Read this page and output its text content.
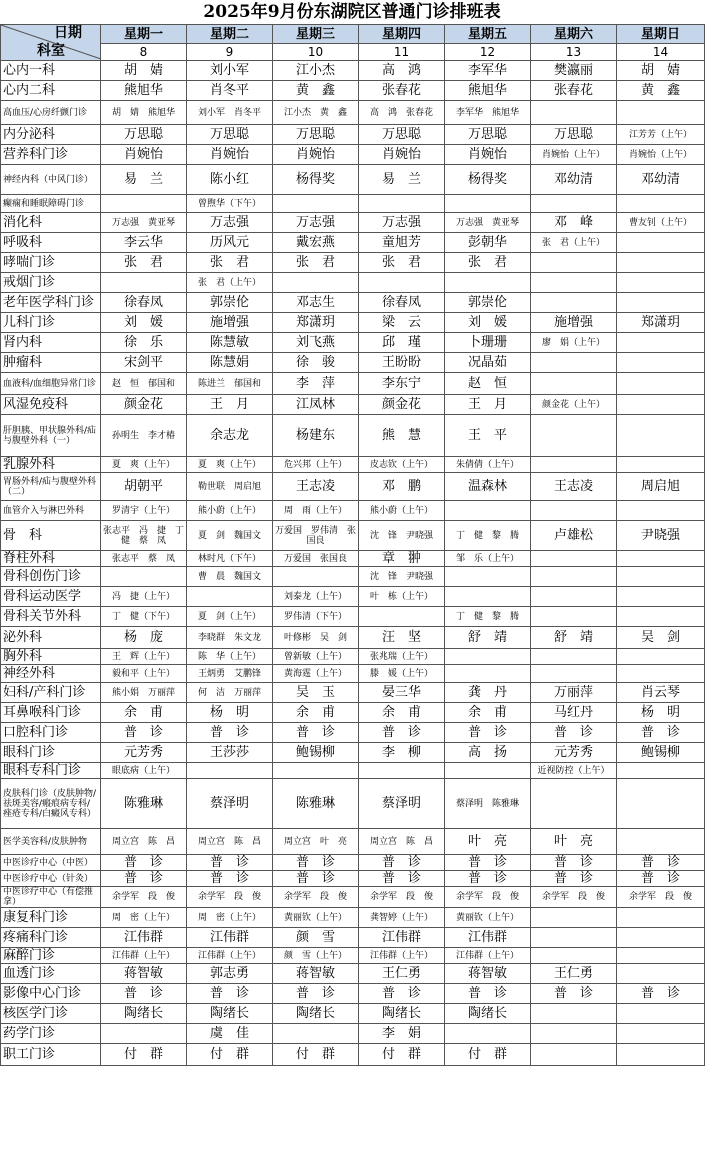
2025年9月份东湖院区普通门诊排班表
日期
科室	星期一	星期二	星期三	星期四	星期五	星期六	星期日
	8	9	10	11	12	13	14
心内一科	胡　婧	刘小军	江小杰	高　鸿	李军华	樊瀛丽	胡　婧
心内二科	熊旭华	肖冬平	黄　鑫	张春花	熊旭华	张春花	黄　鑫
高血压/心房纤颤门诊	胡　婧　熊旭华	刘小军　肖冬平	江小杰　黄　鑫	高　鸿　张春花	李军华　熊旭华		
内分泌科	万思聪	万思聪	万思聪	万思聪	万思聪	万思聪	江芳芳（上午）
营养科门诊	肖婉怡	肖婉怡	肖婉怡	肖婉怡	肖婉怡	肖婉怡（上午）	肖婉怡（上午）
神经内科（中风门诊）	易　兰	陈小红	杨得奖	易　兰	杨得奖	邓幼清	邓幼清
癫痫和睡眠障碍门诊		曾煦华（下午）					
消化科	万志强　黄亚琴	万志强	万志强	万志强	万志强　黄亚琴	邓　峰	曹友钊（上午）
呼吸科	李云华	历风元	戴宏燕	童旭芳	彭朝华	张　君（上午）	
哮喘门诊	张　君	张　君	张　君	张　君	张　君		
戒烟门诊		张　君（上午）					
老年医学科门诊	徐春凤	郭崇伦	邓志生	徐春凤	郭崇伦		
儿科门诊	刘　媛	施增强	郑潇玥	梁　云	刘　媛	施增强	郑潇玥
肾内科	徐　乐	陈慧敏	刘飞燕	邱　瑾	卜珊珊	廖　娟（上午）	
肿瘤科	宋剑平	陈慧娟	徐　骏	王盼盼	况晶茹		
血液科/血细胞异常门诊	赵　恒　郁国和	陈进兰　郁国和	李　萍	李东宁	赵　恒		
风湿免疫科	颜金花	王　月	江凤林	颜金花	王　月	颜金花（上午）	
肝胆胰、甲状腺外科/疝与腹壁外科（一）	孙明生　李才椿	余志龙	杨建东	熊　慧	王　平		
乳腺外科	夏　爽（上午）	夏　爽（上午）	危兴邦（上午）	皮志钦（上午）	朱倩倩（上午）		
胃肠外科/疝与腹壁外科（二）	胡朝平	勒世联　周启旭	王志凌	邓　鹏	温森林	王志凌	周启旭
血管介入与淋巴外科	罗清宇（上午）	熊小蔚（上午）	周　雨（上午）	熊小蔚（上午）			
骨　科	张志平　冯　捷　丁　健　蔡　凤	夏　剑　魏国文	万爱国　罗伟清　张国良	沈　锋　尹晓强	丁　健　黎　腾	卢雄松	尹晓强
脊柱外科	张志平　蔡　凤	林时凡（下午）	万爱国　张国良	章　翀	邹　乐（上午）		
骨科创伤门诊		曹　晨　魏国文		沈　锋　尹晓强			
骨科运动医学	冯　捷（上午）		刘泰龙（上午）	叶　栋（上午）			
骨科关节外科	丁　健（下午）	夏　剑（上午）	罗伟清（下午）		丁　健　黎　腾		
泌外科	杨　庞	李晓群　朱文龙	叶修彬　吴　剑	汪　坚	舒　靖	舒　靖	吴　剑
胸外科	王　辉（上午）	陈　华（上午）	曾新敏（上午）	张兆瑞（上午）			
神经外科	毅和平（上午）	王炳勇　艾鹏锋	黄海霆（上午）	滕　媛（上午）			
妇科/产科门诊	熊小娟　万丽萍	何　洁　万丽萍	吴　玉	晏三华	龚　丹	万丽萍	肖云琴
耳鼻喉科门诊	余　甫	杨　明	余　甫	余　甫	余　甫	马红丹	杨　明
口腔科门诊	普　诊	普　诊	普　诊	普　诊	普　诊	普　诊	普　诊
眼科门诊	元芳秀	王莎莎	鲍锡柳	李　柳	高　扬	元芳秀	鲍锡柳
眼科专科门诊	眼底病（上午）					近视防控（上午）	
皮肤科门诊（皮肤肿物/祛斑美容/瘢痕病专科/痤疮专科/白癜风专科）	陈雅琳	蔡泽明	陈雅琳	蔡泽明	蔡泽明　陈雅琳		
医学美容科/皮肤肿物	周立宫　陈　昌	周立宫　陈　昌	周立宫　叶　亮	周立宫　陈　昌	叶　亮	叶　亮	
中医诊疗中心（中医）	普　诊	普　诊	普　诊	普　诊	普　诊	普　诊	普　诊
中医诊疗中心（针灸）	普　诊	普　诊	普　诊	普　诊	普　诊	普　诊	普　诊
中医诊疗中心（有偿推拿）	余学军　段　俊	余学军　段　俊	余学军　段　俊	余学军　段　俊	余学军　段　俊	余学军　段　俊	余学军　段　俊
康复科门诊	周　密（上午）	周　密（上午）	黄丽钦（上午）	龚智婷（上午）	黄丽钦（上午）		
疼痛科门诊	江伟群	江伟群	颜　雪	江伟群	江伟群		
麻醉门诊	江伟群（上午）	江伟群（上午）	颜　雪（上午）	江伟群（上午）	江伟群（上午）		
血透门诊	蒋智敏	郭志勇	蒋智敏	王仁勇	蒋智敏	王仁勇	
影像中心门诊	普　诊	普　诊	普　诊	普　诊	普　诊	普　诊	普　诊
核医学门诊	陶绪长	陶绪长	陶绪长	陶绪长	陶绪长		
药学门诊		虞　佳		李　娟			
职工门诊	付　群	付　群	付　群	付　群	付　群		
